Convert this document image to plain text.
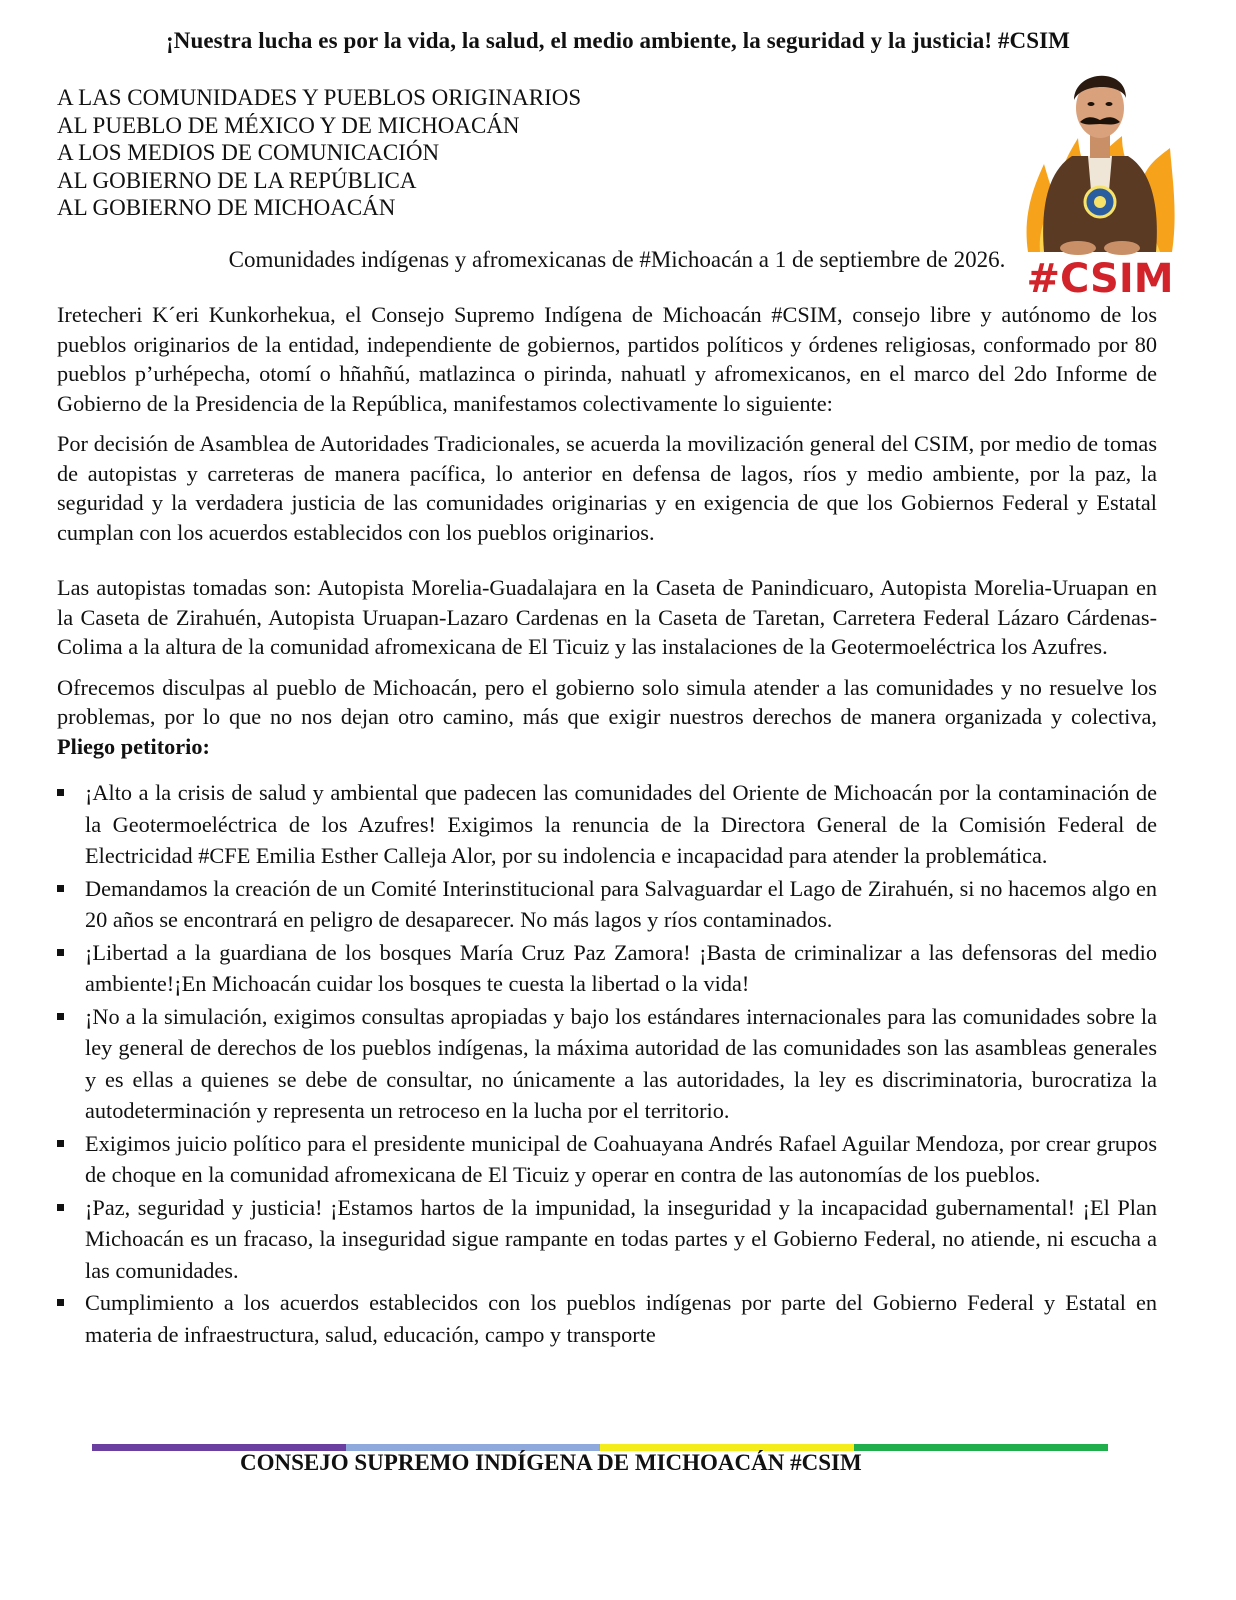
¡Nuestra lucha es por la vida, la salud, el medio ambiente, la seguridad y la justicia! #CSIM
A LAS COMUNIDADES Y PUEBLOS ORIGINARIOS
AL PUEBLO DE MÉXICO Y DE MICHOACÁN
A LOS MEDIOS DE COMUNICACIÓN
AL GOBIERNO DE LA REPÚBLICA
AL GOBIERNO DE MICHOACÁN
#CSIM
Comunidades indígenas y afromexicanas de #Michoacán a 1 de septiembre de 2026.

Iretecheri K´eri Kunkorhekua, el Consejo Supremo Indígena de Michoacán #CSIM, consejo libre y autónomo de los pueblos originarios de la entidad, independiente de gobiernos, partidos políticos y órdenes religiosas, conformado por 80 pueblos p’urhépecha, otomí o hñahñú, matlazinca o pirinda, nahuatl y afromexicanos, en el marco del 2do Informe de Gobierno de la Presidencia de la República, manifestamos colectivamente lo siguiente:

Por decisión de Asamblea de Autoridades Tradicionales, se acuerda la movilización general del CSIM, por medio de tomas de autopistas y carreteras de manera pacífica, lo anterior en defensa de lagos, ríos y medio ambiente, por la paz, la seguridad y la verdadera justicia de las comunidades originarias y en exigencia de que los Gobiernos Federal y Estatal cumplan con los acuerdos establecidos con los pueblos originarios.

Las autopistas tomadas son: Autopista Morelia-Guadalajara en la Caseta de Panindicuaro, Autopista Morelia-Uruapan en la Caseta de Zirahuén, Autopista Uruapan-Lazaro Cardenas en la Caseta de Taretan, Carretera Federal Lázaro Cárdenas-Colima a la altura de la comunidad afromexicana de El Ticuiz y las instalaciones de la Geotermoeléctrica los Azufres.

Ofrecemos disculpas al pueblo de Michoacán, pero el gobierno solo simula atender a las comunidades y no resuelve los problemas, por lo que no nos dejan otro camino, más que exigir nuestros derechos de manera organizada y colectiva, Pliego petitorio:

¡Alto a la crisis de salud y ambiental que padecen las comunidades del Oriente de Michoacán por la contaminación de la Geotermoeléctrica de los Azufres! Exigimos la renuncia de la Directora General de la Comisión Federal de Electricidad #CFE Emilia Esther Calleja Alor, por su indolencia e incapacidad para atender la problemática.
Demandamos la creación de un Comité Interinstitucional para Salvaguardar el Lago de Zirahuén, si no hacemos algo en 20 años se encontrará en peligro de desaparecer. No más lagos y ríos contaminados.
¡Libertad a la guardiana de los bosques María Cruz Paz Zamora! ¡Basta de criminalizar a las defensoras del medio ambiente!¡En Michoacán cuidar los bosques te cuesta la libertad o la vida!
¡No a la simulación, exigimos consultas apropiadas y bajo los estándares internacionales para las comunidades sobre la ley general de derechos de los pueblos indígenas, la máxima autoridad de las comunidades son las asambleas generales y es ellas a quienes se debe de consultar, no únicamente a las autoridades, la ley es discriminatoria, burocratiza la autodeterminación y representa un retroceso en la lucha por el territorio.
Exigimos juicio político para el presidente municipal de Coahuayana Andrés Rafael Aguilar Mendoza, por crear grupos de choque en la comunidad afromexicana de El Ticuiz y operar en contra de las autonomías de los pueblos.
¡Paz, seguridad y justicia! ¡Estamos hartos de la impunidad, la inseguridad y la incapacidad gubernamental! ¡El Plan Michoacán es un fracaso, la inseguridad sigue rampante en todas partes y el Gobierno Federal, no atiende, ni escucha a las comunidades.
Cumplimiento a los acuerdos establecidos con los pueblos indígenas por parte del Gobierno Federal y Estatal en materia de infraestructura, salud, educación, campo y transporte
CONSEJO SUPREMO INDÍGENA DE MICHOACÁN #CSIM
